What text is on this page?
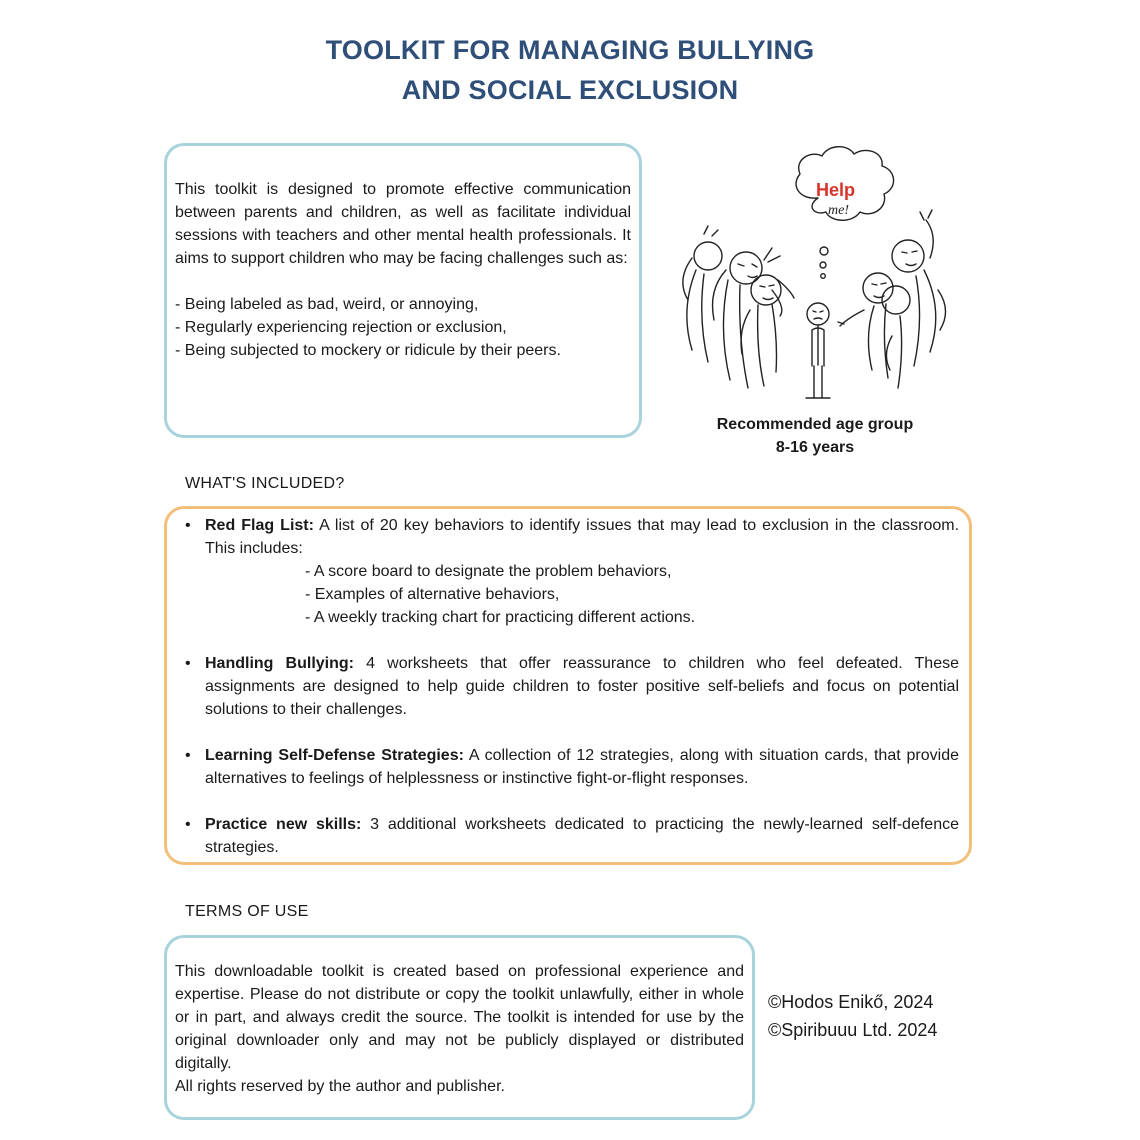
TOOLKIT FOR MANAGING BULLYING
AND SOCIAL EXCLUSION

This toolkit is designed to promote effective communication between parents and children, as well as facilitate individual sessions with teachers and other mental health professionals. It aims to support children who may be facing challenges such as:

- Being labeled as bad, weird, or annoying,

- Regularly experiencing rejection or exclusion,

- Being subjected to mockery or ridicule by their peers.

Help
me!
Recommended age group
8-16 years
WHAT'S INCLUDED?
• Red Flag List: A list of 20 key behaviors to identify issues that may lead to exclusion in the classroom. This includes:

- A score board to designate the problem behaviors,

- Examples of alternative behaviors,

- A weekly tracking chart for practicing different actions.

• Handling Bullying: 4 worksheets that offer reassurance to children who feel defeated. These assignments are designed to help guide children to foster positive self-beliefs and focus on potential solutions to their challenges.

• Learning Self-Defense Strategies: A collection of 12 strategies, along with situation cards, that provide alternatives to feelings of helplessness or instinctive fight-or-flight responses.

• Practice new skills: 3 additional worksheets dedicated to practicing the newly-learned self-defence strategies.

TERMS OF USE

This downloadable toolkit is created based on professional experience and expertise. Please do not distribute or copy the toolkit unlawfully, either in whole or in part, and always credit the source. The toolkit is intended for use by the original downloader only and may not be publicly displayed or distributed digitally.

All rights reserved by the author and publisher.

©Hodos Enikő, 2024
©Spiribuuu Ltd. 2024
